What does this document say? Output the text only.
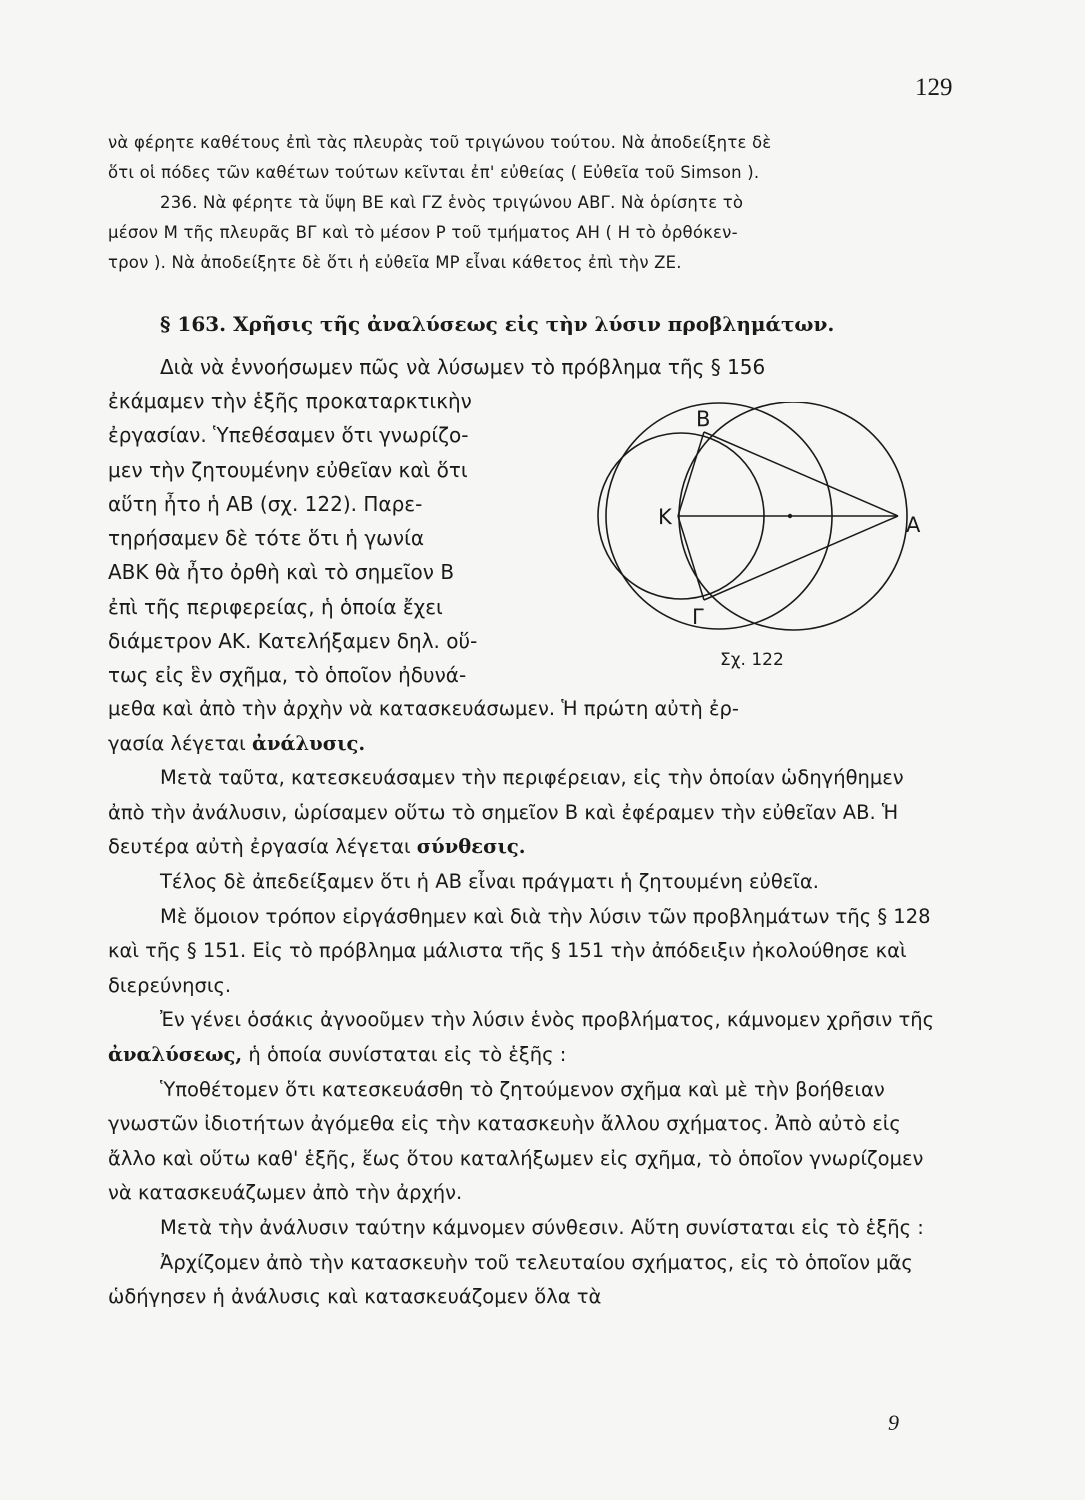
129

νὰ φέρητε καθέτους ἐπὶ τὰς πλευρὰς τοῦ τριγώνου τούτου. Νὰ ἀποδείξητε δὲ

ὅτι οἱ πόδες τῶν καθέτων τούτων κεῖνται ἐπ' εὐθείας ( Εὐθεῖα τοῦ Simson ).

236. Νὰ φέρητε τὰ ὕψη ΒΕ καὶ ΓΖ ἑνὸς τριγώνου ΑΒΓ. Νὰ ὁρίσητε τὸ

μέσον Μ τῆς πλευρᾶς ΒΓ καὶ τὸ μέσον Ρ τοῦ τμήματος ΑΗ ( Η τὸ ὀρθόκεν-

τρον ). Νὰ ἀποδείξητε δὲ ὅτι ἡ εὐθεῖα ΜΡ εἶναι κάθετος ἐπὶ τὴν ΖΕ.

§ 163. Χρῆσις τῆς ἀναλύσεως εἰς τὴν λύσιν προβλημάτων.
Διὰ νὰ ἐννοήσωμεν πῶς νὰ λύσωμεν τὸ πρόβλημα τῆς § 156

ἐκάμαμεν τὴν ἑξῆς προκαταρκτικὴν

ἐργασίαν. Ὑπεθέσαμεν ὅτι γνωρίζο-

μεν τὴν ζητουμένην εὐθεῖαν καὶ ὅτι

αὕτη ἦτο ἡ ΑΒ (σχ. 122). Παρε-

τηρήσαμεν δὲ τότε ὅτι ἡ γωνία

ΑΒΚ θὰ ἦτο ὀρθὴ καὶ τὸ σημεῖον Β

ἐπὶ τῆς περιφερείας, ἡ ὁποία ἔχει

διάμετρον ΑΚ. Κατελήξαμεν δηλ. οὕ-

τως εἰς ἓν σχῆμα, τὸ ὁποῖον ἠδυνά-

Β
Κ	Α
Γ
Σχ. 122

μεθα καὶ ἀπὸ τὴν ἀρχὴν νὰ κατασκευάσωμεν. Ἡ πρώτη αὐτὴ ἐρ-
γασία λέγεται ἀνάλυσις.

Μετὰ ταῦτα, κατεσκευάσαμεν τὴν περιφέρειαν, εἰς τὴν ὁποίαν ὡδηγήθημεν ἀπὸ τὴν ἀνάλυσιν, ὡρίσαμεν οὕτω τὸ σημεῖον Β καὶ ἐφέραμεν τὴν εὐθεῖαν ΑΒ. Ἡ δευτέρα αὐτὴ ἐργασία λέγεται σύνθεσις.

Τέλος δὲ ἀπεδείξαμεν ὅτι ἡ ΑΒ εἶναι πράγματι ἡ ζητουμένη εὐθεῖα.

Μὲ ὅμοιον τρόπον εἰργάσθημεν καὶ διὰ τὴν λύσιν τῶν προβλημάτων τῆς § 128 καὶ τῆς § 151. Εἰς τὸ πρόβλημα μάλιστα τῆς § 151 τὴν ἀπόδειξιν ἠκολούθησε καὶ διερεύνησις.

Ἐν γένει ὁσάκις ἀγνοοῦμεν τὴν λύσιν ἑνὸς προβλήματος, κάμνομεν χρῆσιν τῆς ἀναλύσεως, ἡ ὁποία συνίσταται εἰς τὸ ἑξῆς :

Ὑποθέτομεν ὅτι κατεσκευάσθη τὸ ζητούμενον σχῆμα καὶ μὲ τὴν βοήθειαν γνωστῶν ἰδιοτήτων ἀγόμεθα εἰς τὴν κατασκευὴν ἄλλου σχήματος. Ἀπὸ αὐτὸ εἰς ἄλλο καὶ οὕτω καθ' ἑξῆς, ἕως ὅτου καταλήξωμεν εἰς σχῆμα, τὸ ὁποῖον γνωρίζομεν νὰ κατασκευάζωμεν ἀπὸ τὴν ἀρχήν.

Μετὰ τὴν ἀνάλυσιν ταύτην κάμνομεν σύνθεσιν. Αὕτη συνίσταται εἰς τὸ ἑξῆς :

Ἀρχίζομεν ἀπὸ τὴν κατασκευὴν τοῦ τελευταίου σχήματος, εἰς τὸ ὁποῖον μᾶς ὡδήγησεν ἡ ἀνάλυσις καὶ κατασκευάζομεν ὅλα τὰ

9
